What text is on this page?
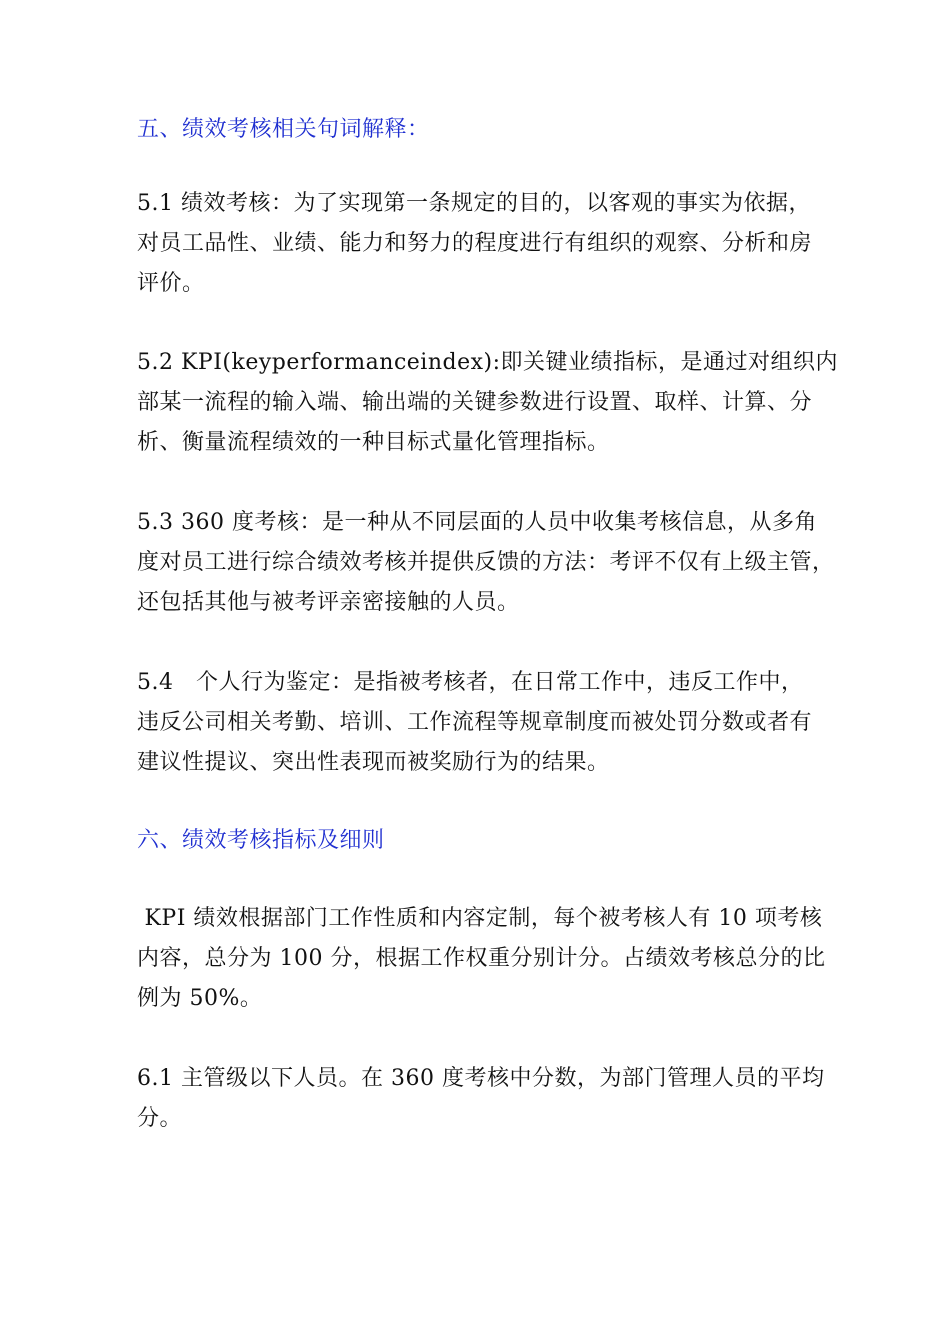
五、绩效考核相关句词解释：
5.1 绩效考核：为了实现第一条规定的目的，以客观的事实为依据，
对员工品性、业绩、能力和努力的程度进行有组织的观察、分析和房
评价。
5.2 KPI(keyperformanceindex):即关键业绩指标，是通过对组织内
部某一流程的输入端、输出端的关键参数进行设置、取样、计算、分
析、衡量流程绩效的一种目标式量化管理指标。
5.3 360 度考核：是一种从不同层面的人员中收集考核信息，从多角
度对员工进行综合绩效考核并提供反馈的方法：考评不仅有上级主管，
还包括其他与被考评亲密接触的人员。
5.4　个人行为鉴定：是指被考核者，在日常工作中，违反工作中，
违反公司相关考勤、培训、工作流程等规章制度而被处罚分数或者有
建议性提议、突出性表现而被奖励行为的结果。
六、绩效考核指标及细则
KPI 绩效根据部门工作性质和内容定制，每个被考核人有 10 项考核
内容，总分为 100 分，根据工作权重分别计分。占绩效考核总分的比
例为 50%。
6.1 主管级以下人员。在 360 度考核中分数，为部门管理人员的平均
分。
